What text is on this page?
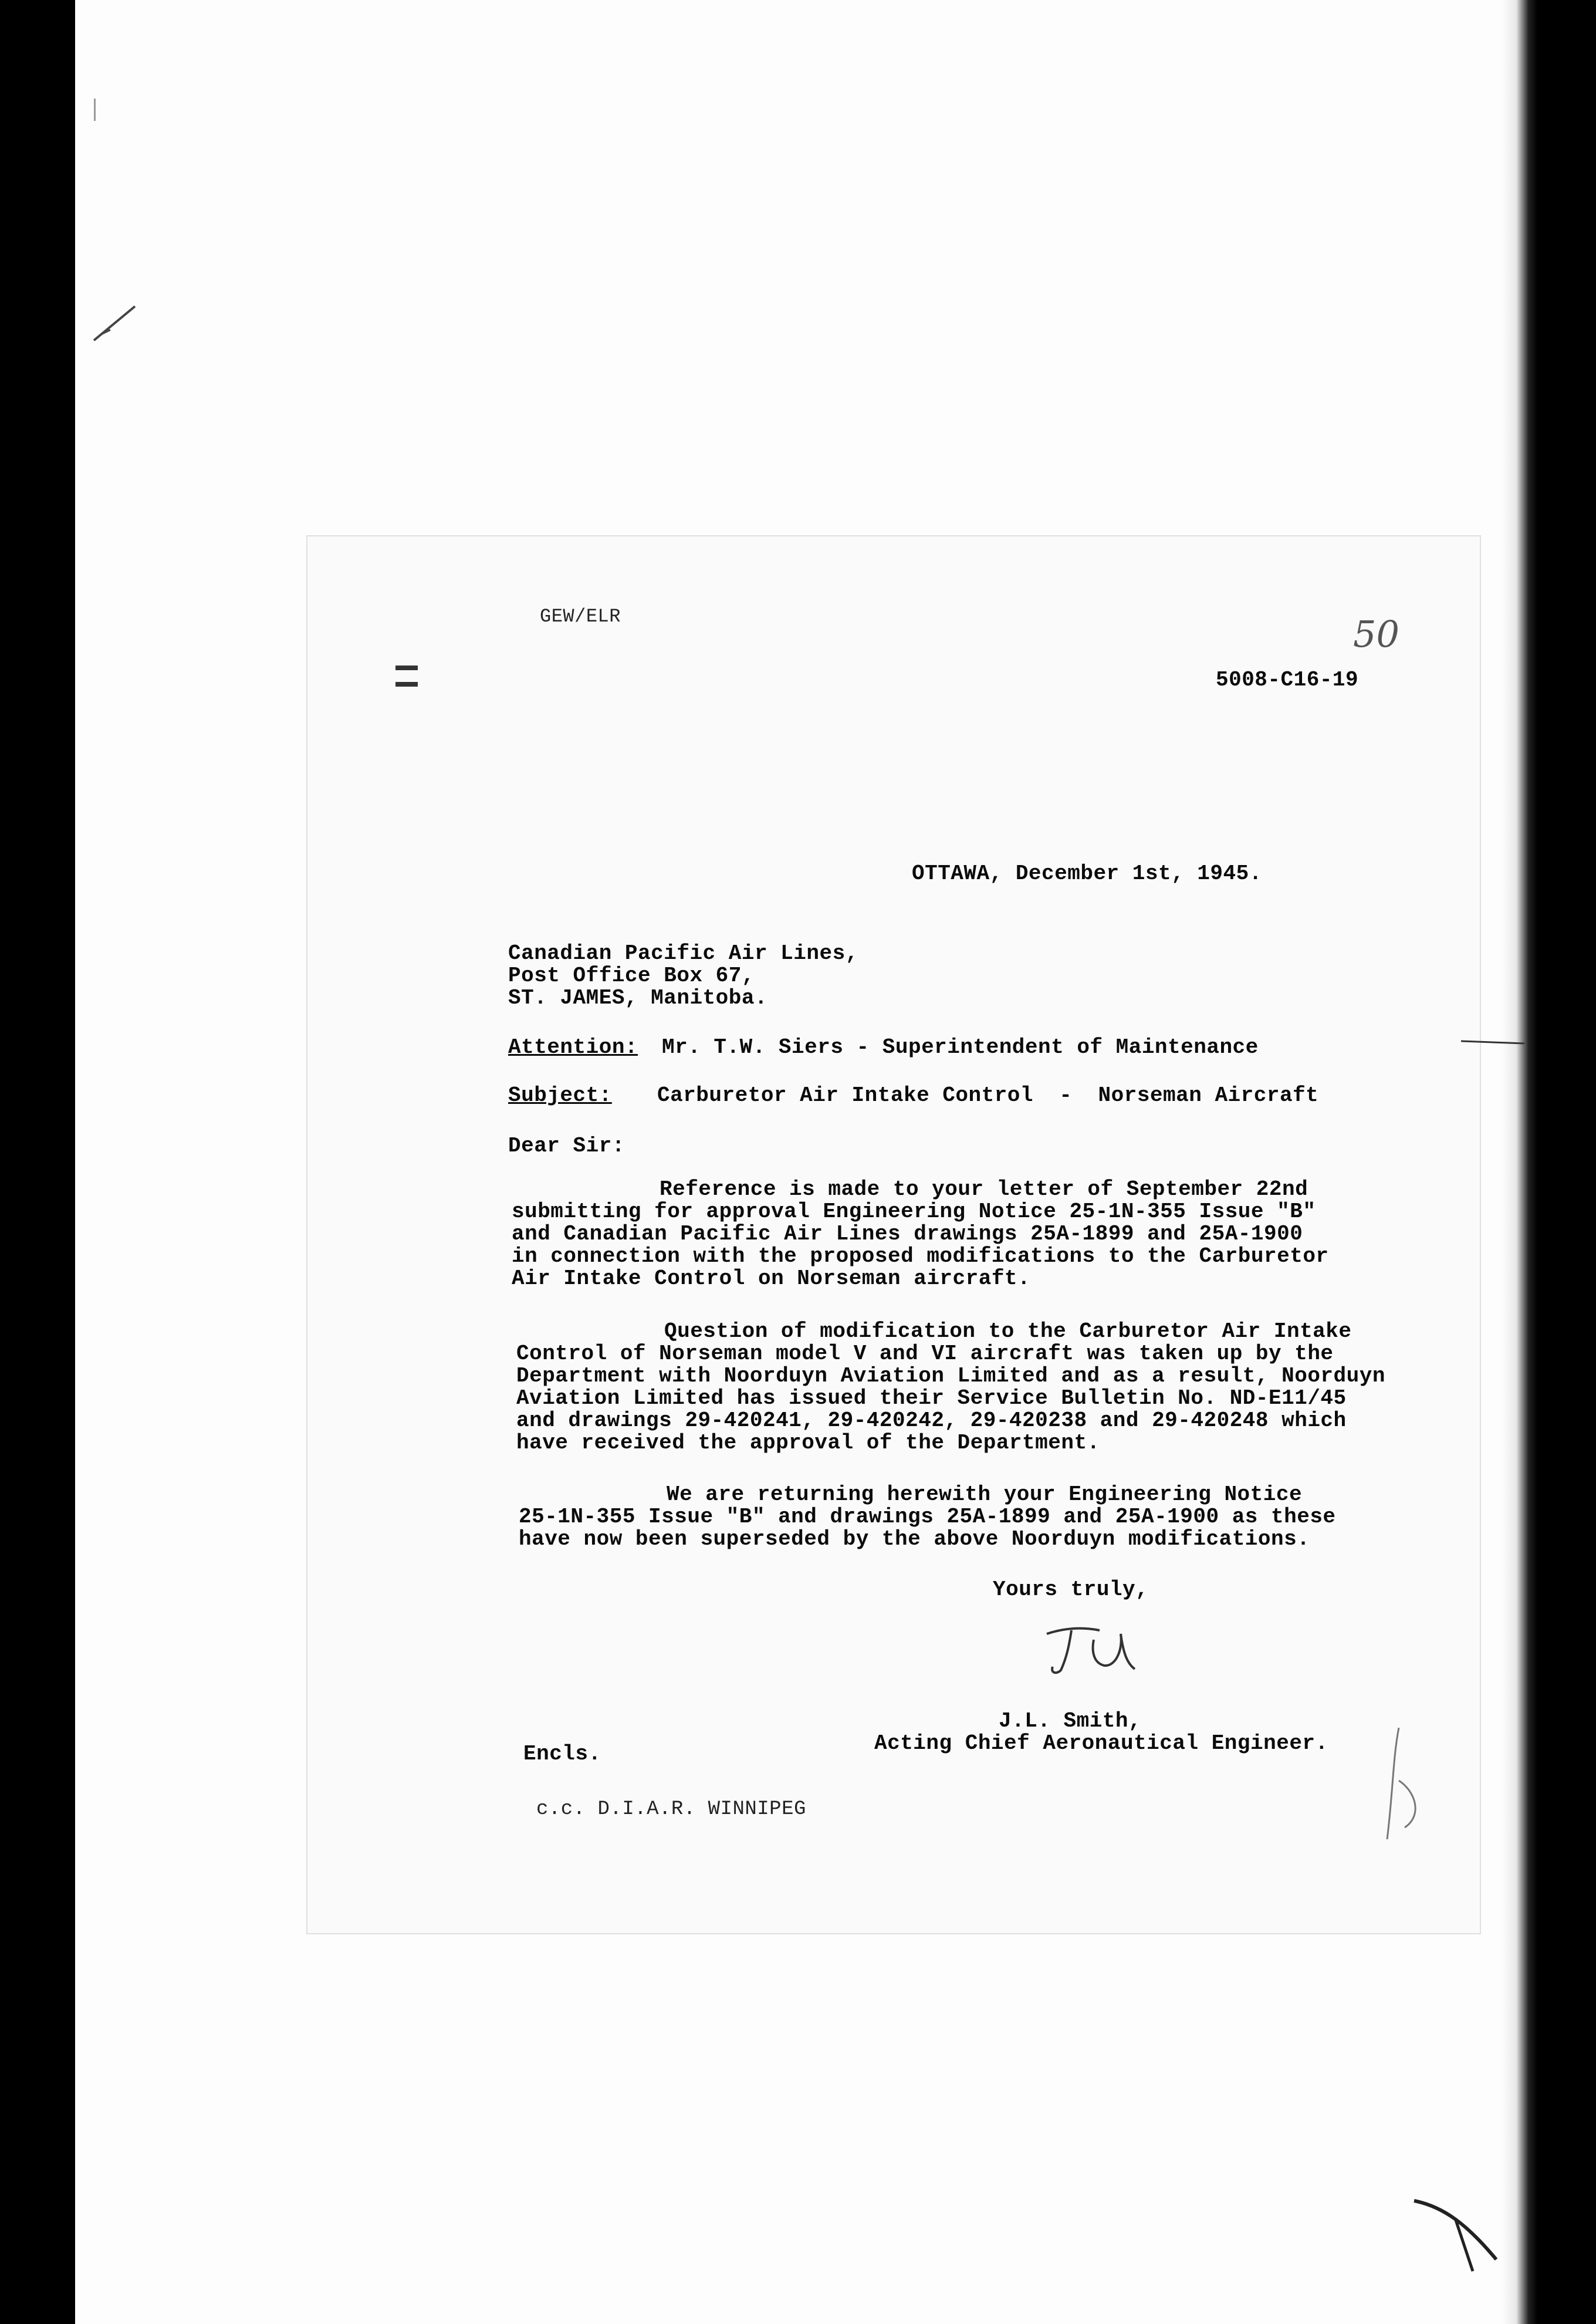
GEW/ELR	50
5008-C16-19
OTTAWA, December 1st, 1945.
Canadian Pacific Air Lines,
Post Office Box 67,
ST. JAMES, Manitoba.
Attention: Mr. T.W. Siers - Superintendent of Maintenance
Subject: Carburetor Air Intake Control  -  Norseman Aircraft
Dear Sir:
Reference is made to your letter of September 22nd
submitting for approval Engineering Notice 25-1N-355 Issue "B"
and Canadian Pacific Air Lines drawings 25A-1899 and 25A-1900
in connection with the proposed modifications to the Carburetor
Air Intake Control on Norseman aircraft.
Question of modification to the Carburetor Air Intake
Control of Norseman model V and VI aircraft was taken up by the
Department with Noorduyn Aviation Limited and as a result, Noorduyn
Aviation Limited has issued their Service Bulletin No. ND-E11/45
and drawings 29-420241, 29-420242, 29-420238 and 29-420248 which
have received the approval of the Department.
We are returning herewith your Engineering Notice
25-1N-355 Issue "B" and drawings 25A-1899 and 25A-1900 as these
have now been superseded by the above Noorduyn modifications.
Yours truly,
J.L. Smith,
Acting Chief Aeronautical Engineer.
Encls.
c.c. D.I.A.R. WINNIPEG
